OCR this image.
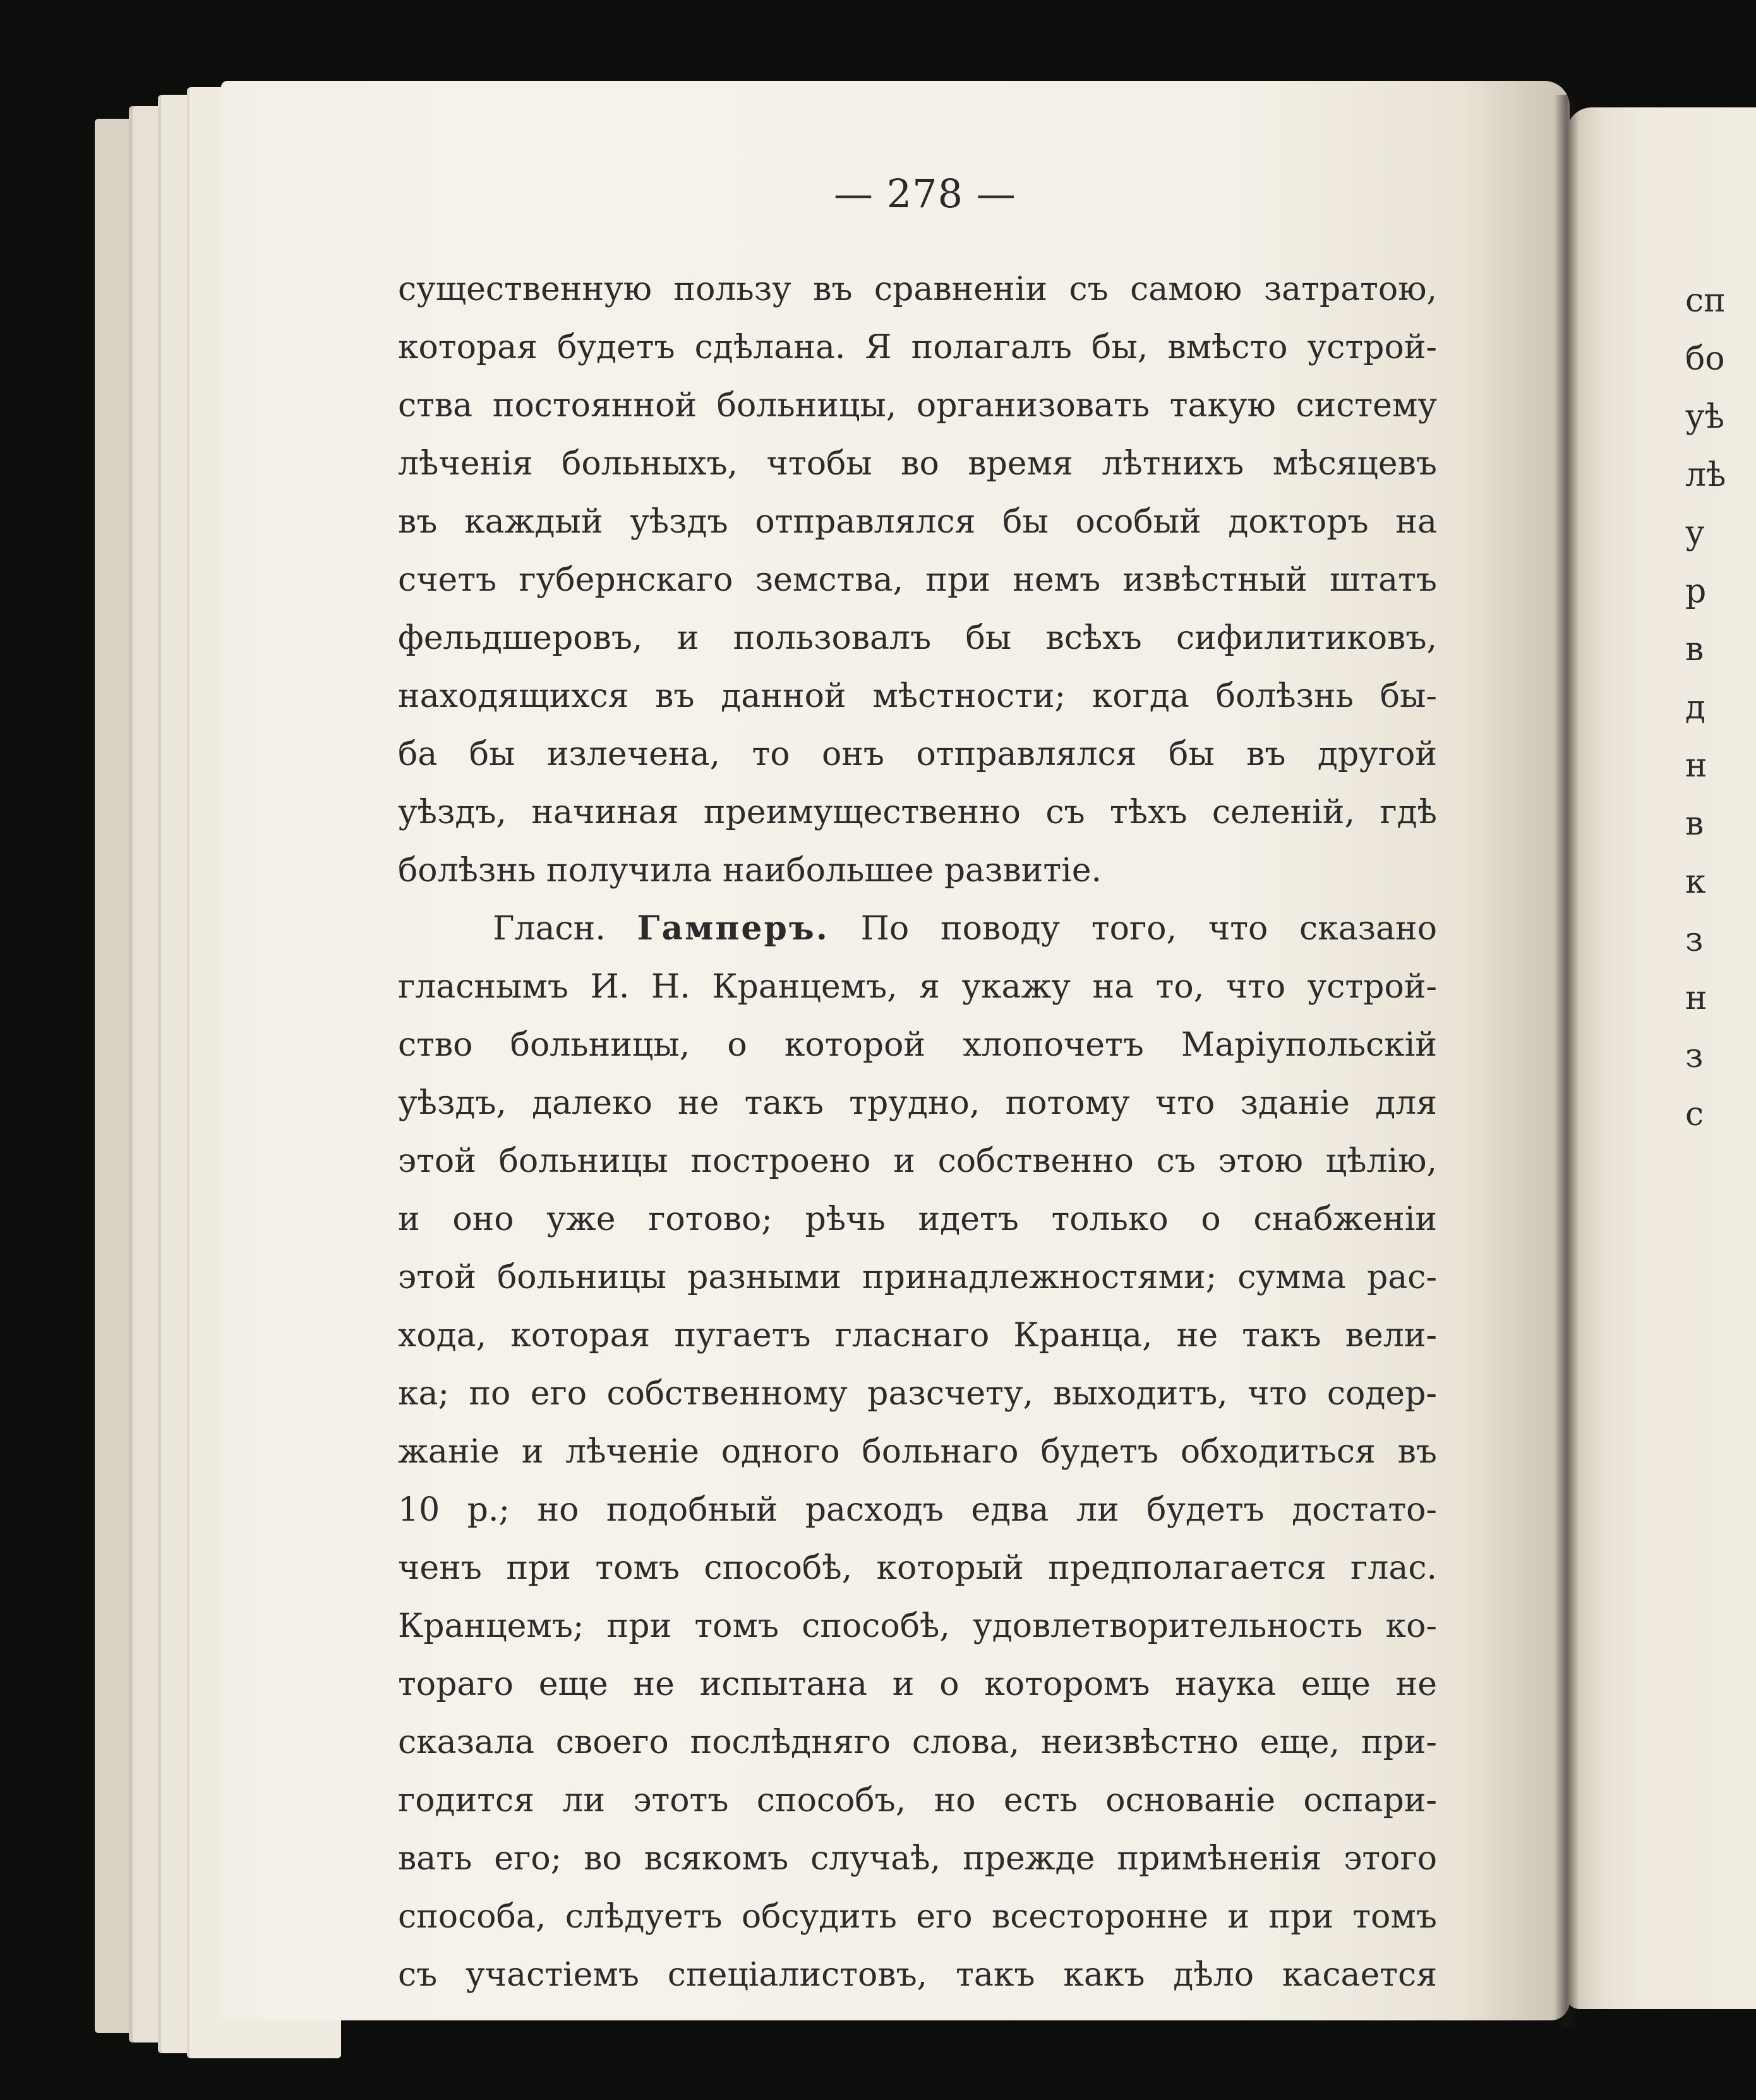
— 278 —
существенную пользу въ сравненіи съ самою затратою,
которая будетъ сдѣлана. Я полагалъ бы, вмѣсто устрой-
ства постоянной больницы, организовать такую систему
лѣченія больныхъ, чтобы во время лѣтнихъ мѣсяцевъ
въ каждый уѣздъ отправлялся бы особый докторъ на
счетъ губернскаго земства, при немъ извѣстный штатъ
фельдшеровъ, и пользовалъ бы всѣхъ сифилитиковъ,
находящихся въ данной мѣстности; когда болѣзнь бы-
ба бы излечена, то онъ отправлялся бы въ другой
уѣздъ, начиная преимущественно съ тѣхъ селеній, гдѣ
болѣзнь получила наибольшее развитіе.
Гласн. Гамперъ. По поводу того, что сказано
гласнымъ И. Н. Кранцемъ, я укажу на то, что устрой-
ство больницы, о которой хлопочетъ Маріупольскій
уѣздъ, далеко не такъ трудно, потому что зданіе для
этой больницы построено и собственно съ этою цѣлію,
и оно уже готово; рѣчь идетъ только о снабженіи
этой больницы разными принадлежностями; сумма рас-
хода, которая пугаетъ гласнаго Кранца, не такъ вели-
ка; по его собственному разсчету, выходитъ, что содер-
жаніе и лѣченіе одного больнаго будетъ обходиться въ
10 р.; но подобный расходъ едва ли будетъ достато-
ченъ при томъ способѣ, который предполагается глас.
Кранцемъ; при томъ способѣ, удовлетворительность ко-
тораго еще не испытана и о которомъ наука еще не
сказала своего послѣдняго слова, неизвѣстно еще, при-
годится ли этотъ способъ, но есть основаніе оспари-
вать его; во всякомъ случаѣ, прежде примѣненія этого
способа, слѣдуетъ обсудить его всесторонне и при томъ
съ участіемъ спеціалистовъ, такъ какъ дѣло касается
сп
бо
уѣ
лѣ
у
р
в
д
н
в
к
з
н
з
с
